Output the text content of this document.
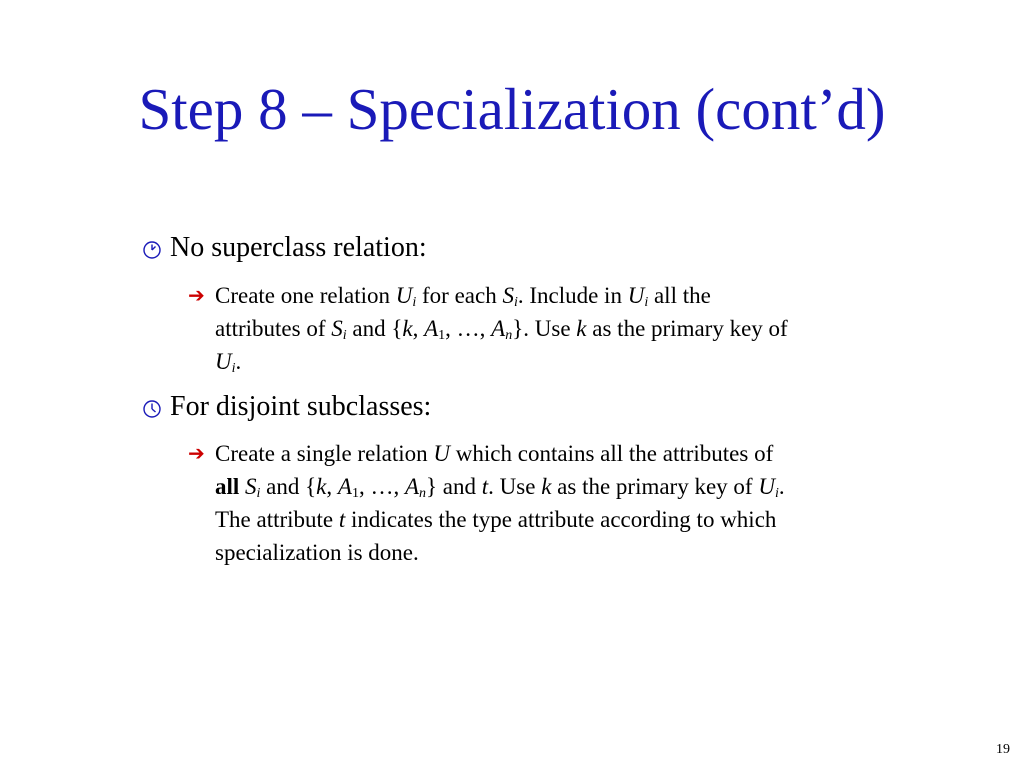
Step 8 – Specialization (cont’d)
No superclass relation:
➔ Create one relation $U_i$ for each $S_i$. Include in $U_i$ all the
attributes of $S_i$ and {k, $A_1$, …, $A_n$}. Use k as the primary key of
$U_i$.
For disjoint subclasses:
➔ Create a single relation U which contains all the attributes of
all $S_i$ and {k, $A_1$, …, $A_n$} and t. Use k as the primary key of $U_i$.
The attribute t indicates the type attribute according to which
specialization is done.
19
